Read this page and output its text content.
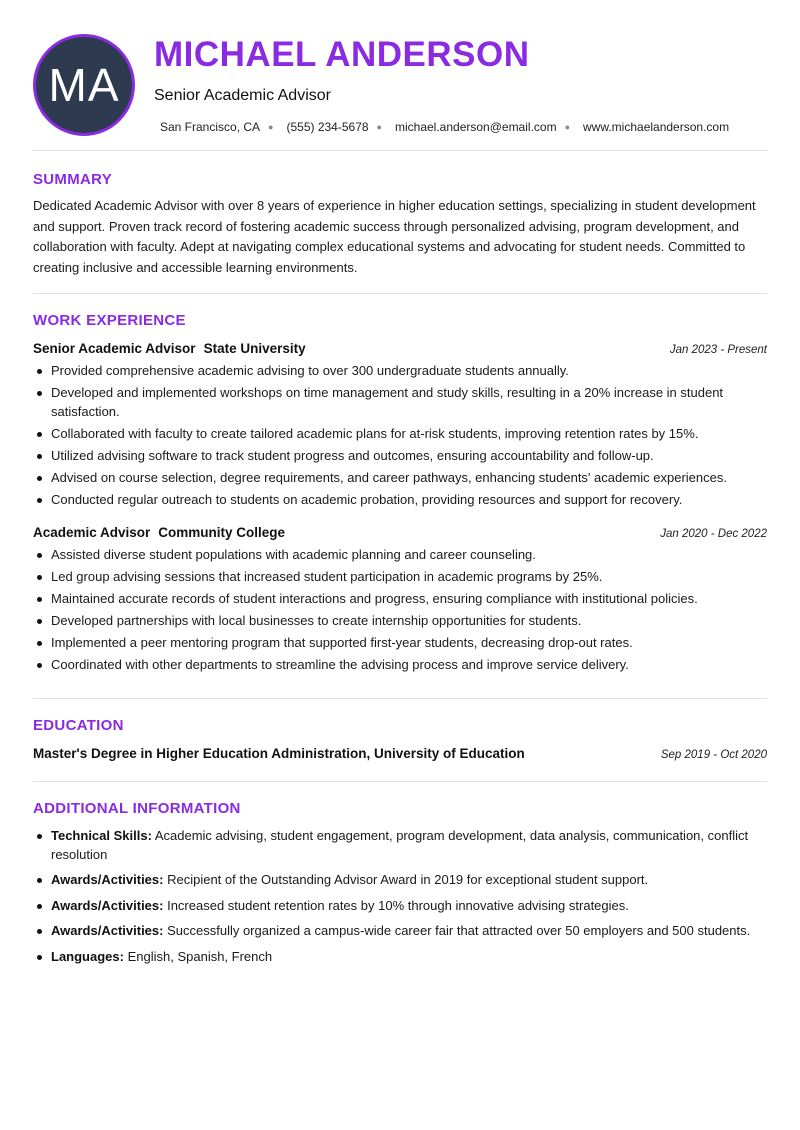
MA
MICHAEL ANDERSON
Senior Academic Advisor
San Francisco, CA ● (555) 234-5678 ● michael.anderson@email.com ● www.michaelanderson.com
SUMMARY

Dedicated Academic Advisor with over 8 years of experience in higher education settings, specializing in student development and support. Proven track record of fostering academic success through personalized advising, program development, and collaboration with faculty. Adept at navigating complex educational systems and advocating for student needs. Committed to creating inclusive and accessible learning environments.

WORK EXPERIENCE
Senior Academic Advisor State University	Jan 2023 - Present
Provided comprehensive academic advising to over 300 undergraduate students annually.
Developed and implemented workshops on time management and study skills, resulting in a 20% increase in student satisfaction.
Collaborated with faculty to create tailored academic plans for at-risk students, improving retention rates by 15%.
Utilized advising software to track student progress and outcomes, ensuring accountability and follow-up.
Advised on course selection, degree requirements, and career pathways, enhancing students' academic experiences.
Conducted regular outreach to students on academic probation, providing resources and support for recovery.
Academic Advisor Community College	Jan 2020 - Dec 2022
Assisted diverse student populations with academic planning and career counseling.
Led group advising sessions that increased student participation in academic programs by 25%.
Maintained accurate records of student interactions and progress, ensuring compliance with institutional policies.
Developed partnerships with local businesses to create internship opportunities for students.
Implemented a peer mentoring program that supported first-year students, decreasing drop-out rates.
Coordinated with other departments to streamline the advising process and improve service delivery.
EDUCATION
Master's Degree in Higher Education Administration, University of Education	Sep 2019 - Oct 2020
ADDITIONAL INFORMATION
Technical Skills: Academic advising, student engagement, program development, data analysis, communication, conflict resolution
Awards/Activities: Recipient of the Outstanding Advisor Award in 2019 for exceptional student support.
Awards/Activities: Increased student retention rates by 10% through innovative advising strategies.
Awards/Activities: Successfully organized a campus-wide career fair that attracted over 50 employers and 500 students.
Languages: English, Spanish, French
